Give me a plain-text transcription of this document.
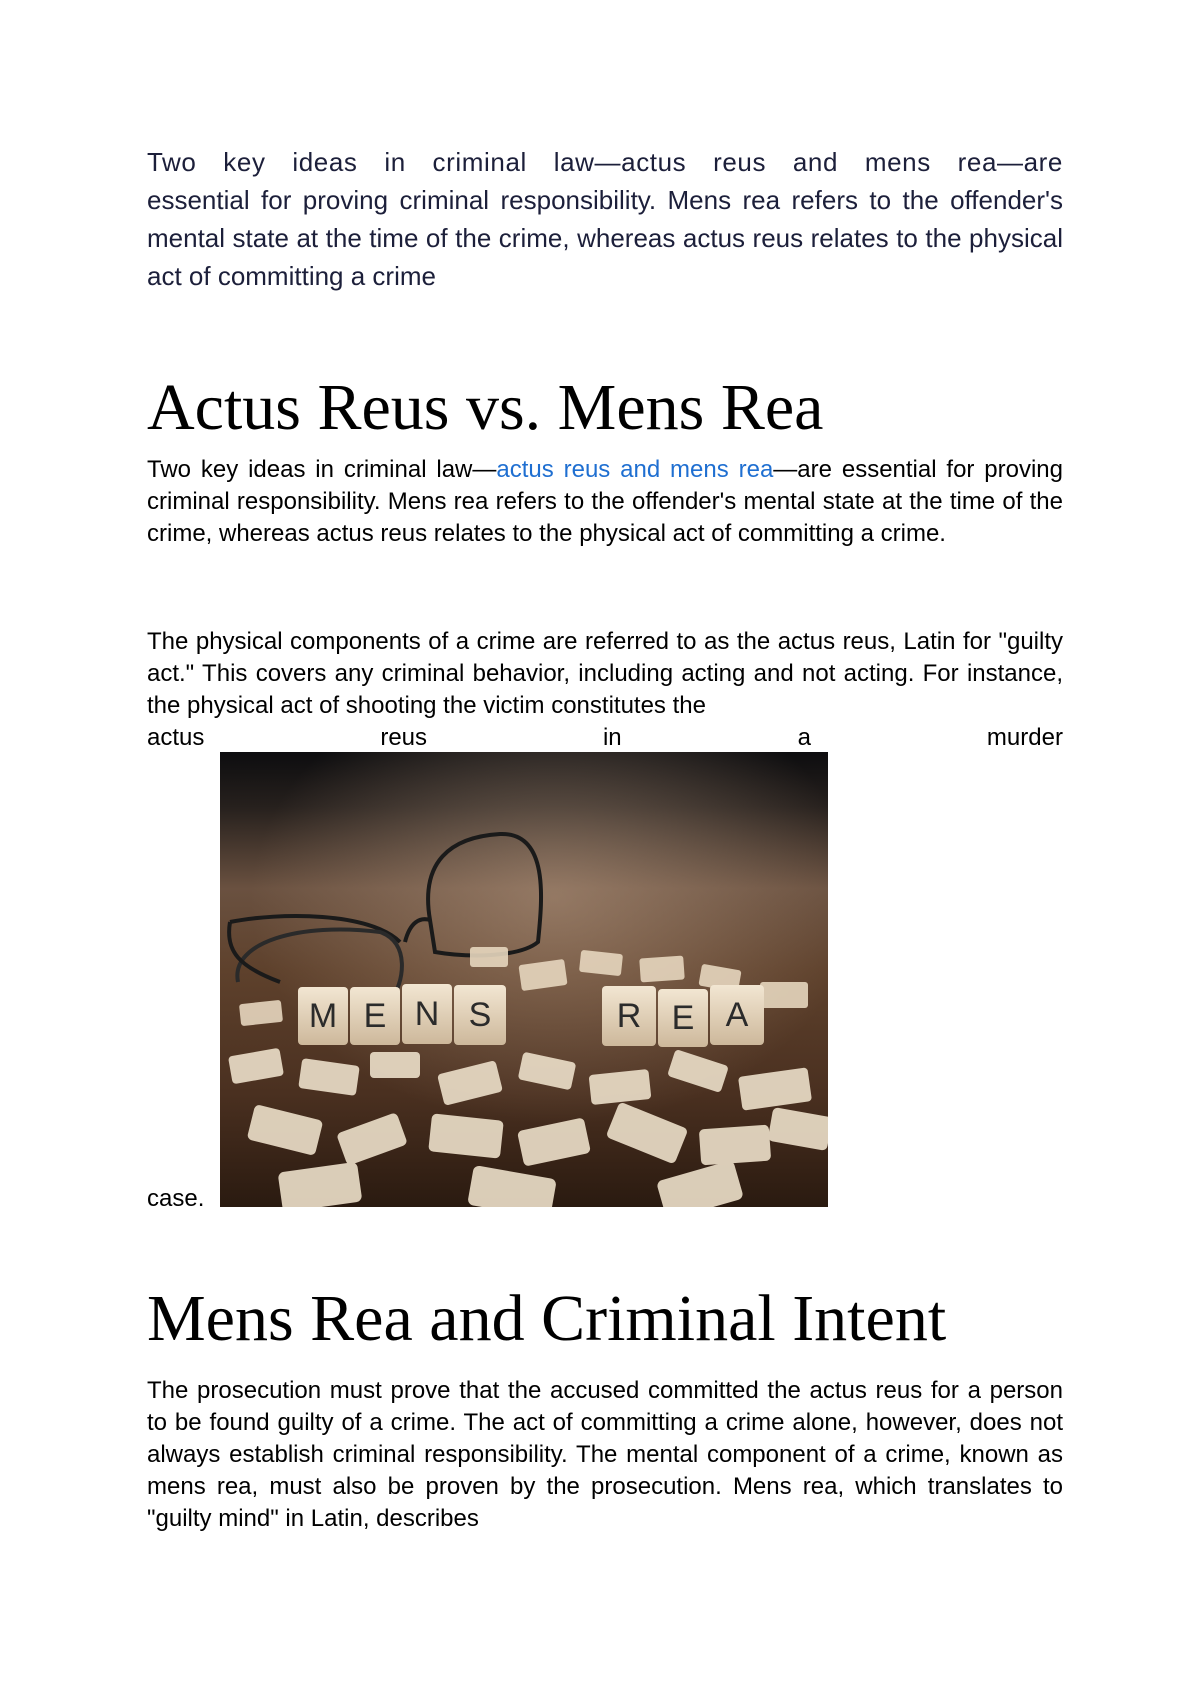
Two key ideas in criminal law—actus reus and mens rea—are essential for proving criminal responsibility. Mens rea refers to the offender's mental state at the time of the crime, whereas actus reus relates to the physical act of committing a crime

Actus Reus vs. Mens Rea

Two key ideas in criminal law—actus reus and mens rea—are essential for proving criminal responsibility. Mens rea refers to the offender's mental state at the time of the crime, whereas actus reus relates to the physical act of committing a crime.

The physical components of a crime are referred to as the actus reus, Latin for "guilty act." This covers any criminal behavior, including acting and not acting. For instance, the physical act of shooting the victim constitutes the

actus	reus	in	a	murder
M E N S	R E A
case.
Mens Rea and Criminal Intent

The prosecution must prove that the accused committed the actus reus for a person to be found guilty of a crime. The act of committing a crime alone, however, does not always establish criminal responsibility. The mental component of a crime, known as mens rea, must also be proven by the prosecution. Mens rea, which translates to "guilty mind" in Latin, describes
